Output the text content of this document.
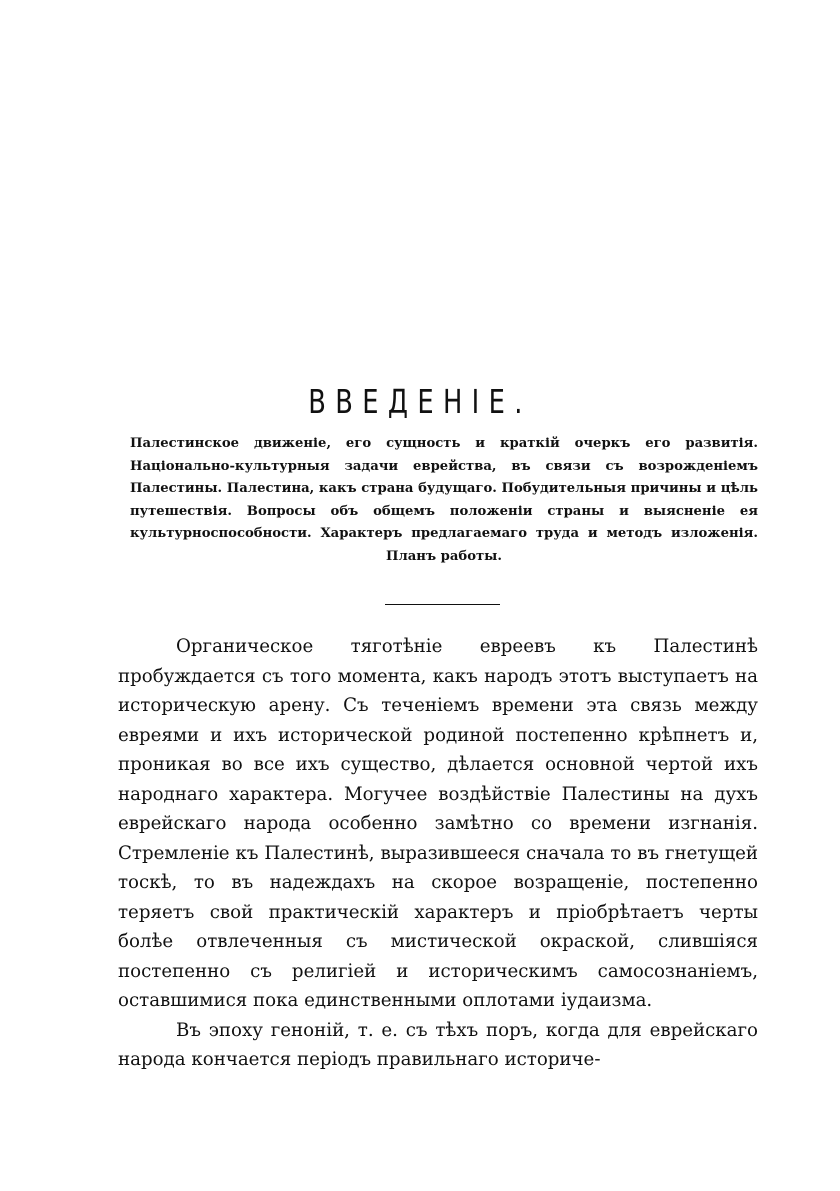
ВВЕДЕНІЕ.
Палестинское движеніе, его сущность и краткій очеркъ его развитія. Національно-культурныя задачи еврейства, въ связи съ возрожденіемъ Палестины. Палестина, какъ страна будущаго. Побудительныя причины и цѣль путешествія. Вопросы объ общемъ положеніи страны и выясненіе ея культурноспособности. Характеръ предлагаемаго труда и методъ изложенія. Планъ работы.

Органическое тяготѣніе евреевъ къ Палестинѣ пробуждается съ того момента, какъ народъ этотъ выступаетъ на историческую арену. Съ теченіемъ времени эта связь между евреями и ихъ исторической родиной постепенно крѣпнетъ и, проникая во все ихъ существо, дѣлается основной чертой ихъ народнаго характера. Могучее воздѣйствіе Палестины на духъ еврейскаго народа особенно замѣтно со времени изгнанія. Стремленіе къ Палестинѣ, выразившееся сначала то въ гнетущей тоскѣ, то въ надеждахъ на скорое возращеніе, постепенно теряетъ свой практическій характеръ и пріобрѣтаетъ черты болѣе отвлеченныя съ мистической окраской, слившіяся постепенно съ религіей и историческимъ самосознаніемъ, оставшимися пока единственными оплотами іудаизма.

Въ эпоху геноній, т. е. съ тѣхъ поръ, когда для еврейскаго народа кончается періодъ правильнаго историче-
